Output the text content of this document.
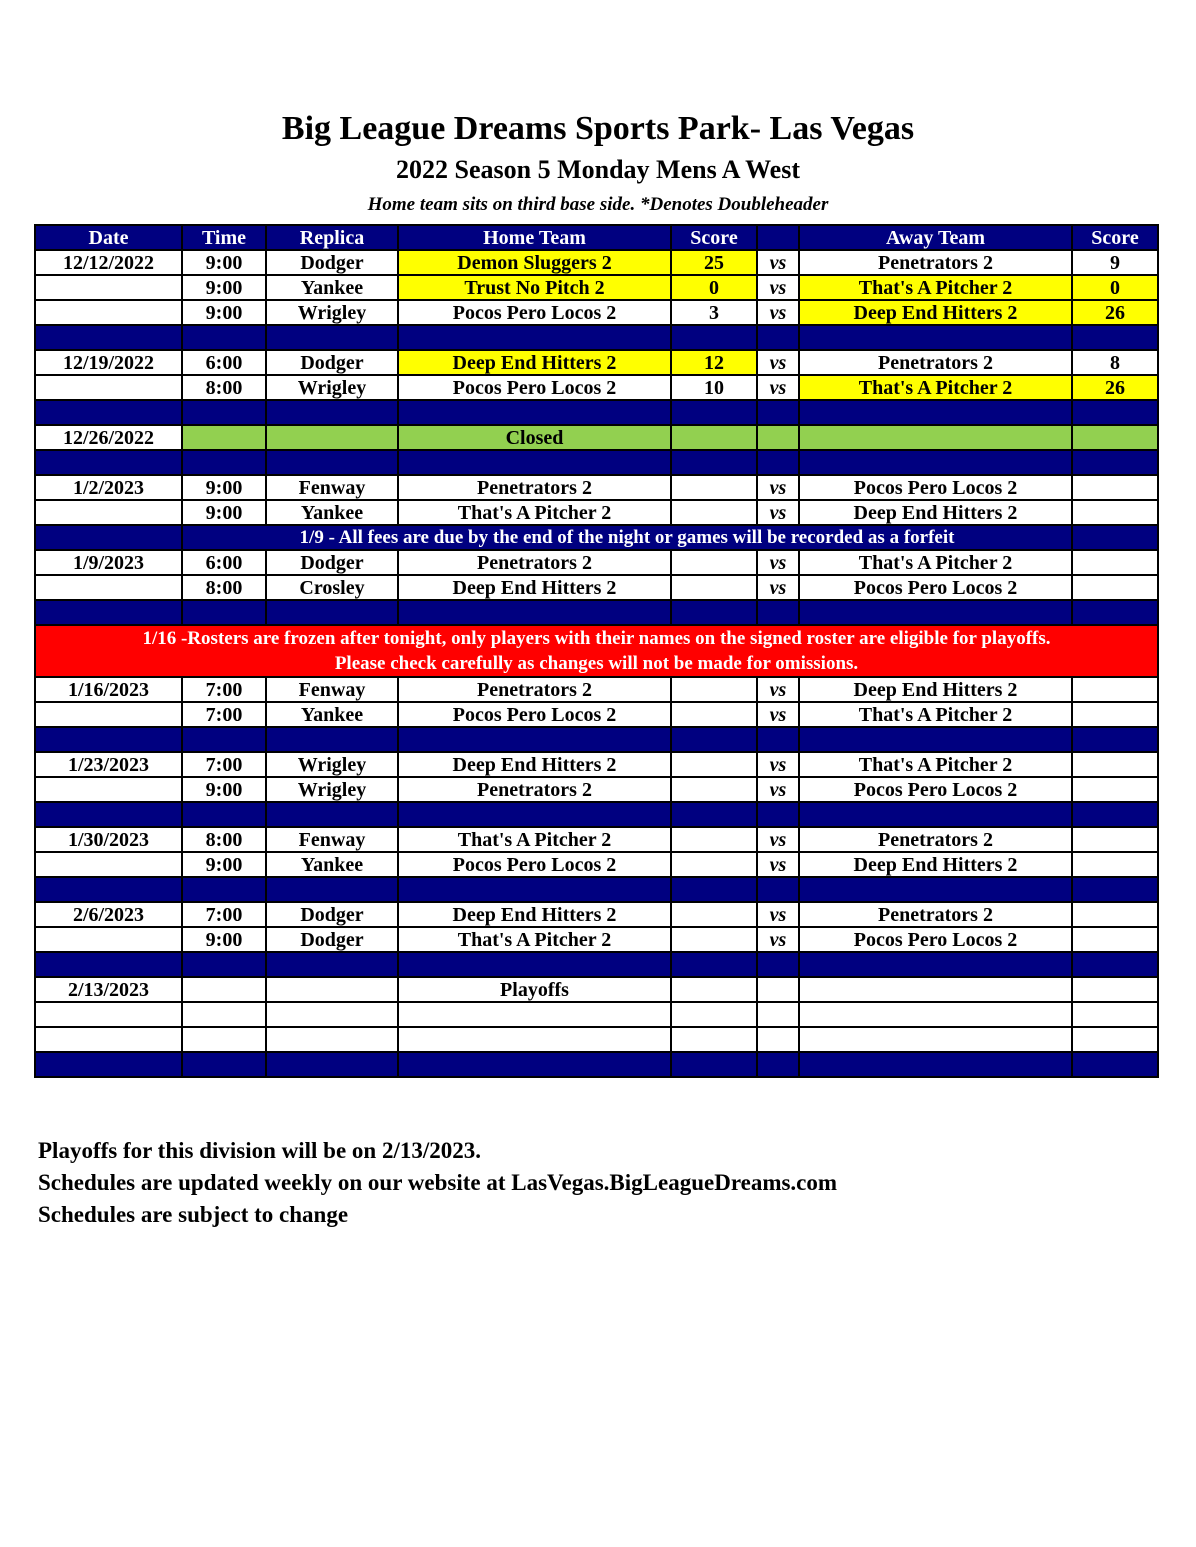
Big League Dreams Sports Park- Las Vegas
2022 Season 5 Monday Mens A West
Home team sits on third base side. *Denotes Doubleheader
Date	Time	Replica	Home Team	Score		Away Team	Score
12/12/2022	9:00	Dodger	Demon Sluggers 2	25	vs	Penetrators 2	9
	9:00	Yankee	Trust No Pitch 2	0	vs	That's A Pitcher 2	0
	9:00	Wrigley	Pocos Pero Locos 2	3	vs	Deep End Hitters 2	26

12/19/2022	6:00	Dodger	Deep End Hitters 2	12	vs	Penetrators 2	8
	8:00	Wrigley	Pocos Pero Locos 2	10	vs	That's A Pitcher 2	26

12/26/2022			Closed				

1/2/2023	9:00	Fenway	Penetrators 2		vs	Pocos Pero Locos 2	
	9:00	Yankee	That's A Pitcher 2		vs	Deep End Hitters 2	
	1/9 - All fees are due by the end of the night or games will be recorded as a forfeit						
1/9/2023	6:00	Dodger	Penetrators 2		vs	That's A Pitcher 2	
	8:00	Crosley	Deep End Hitters 2		vs	Pocos Pero Locos 2	

1/16 -Rosters are frozen after tonight, only players with their names on the signed roster are eligible for playoffs.
Please check carefully as changes will not be made for omissions.							
1/16/2023	7:00	Fenway	Penetrators 2		vs	Deep End Hitters 2	
	7:00	Yankee	Pocos Pero Locos 2		vs	That's A Pitcher 2	

1/23/2023	7:00	Wrigley	Deep End Hitters 2		vs	That's A Pitcher 2	
	9:00	Wrigley	Penetrators 2		vs	Pocos Pero Locos 2	

1/30/2023	8:00	Fenway	That's A Pitcher 2		vs	Penetrators 2	
	9:00	Yankee	Pocos Pero Locos 2		vs	Deep End Hitters 2	

2/6/2023	7:00	Dodger	Deep End Hitters 2		vs	Penetrators 2	
	9:00	Dodger	That's A Pitcher 2		vs	Pocos Pero Locos 2	

2/13/2023			Playoffs				

Playoffs for this division will be on 2/13/2023.
Schedules are updated weekly on our website at LasVegas.BigLeagueDreams.com
Schedules are subject to change
